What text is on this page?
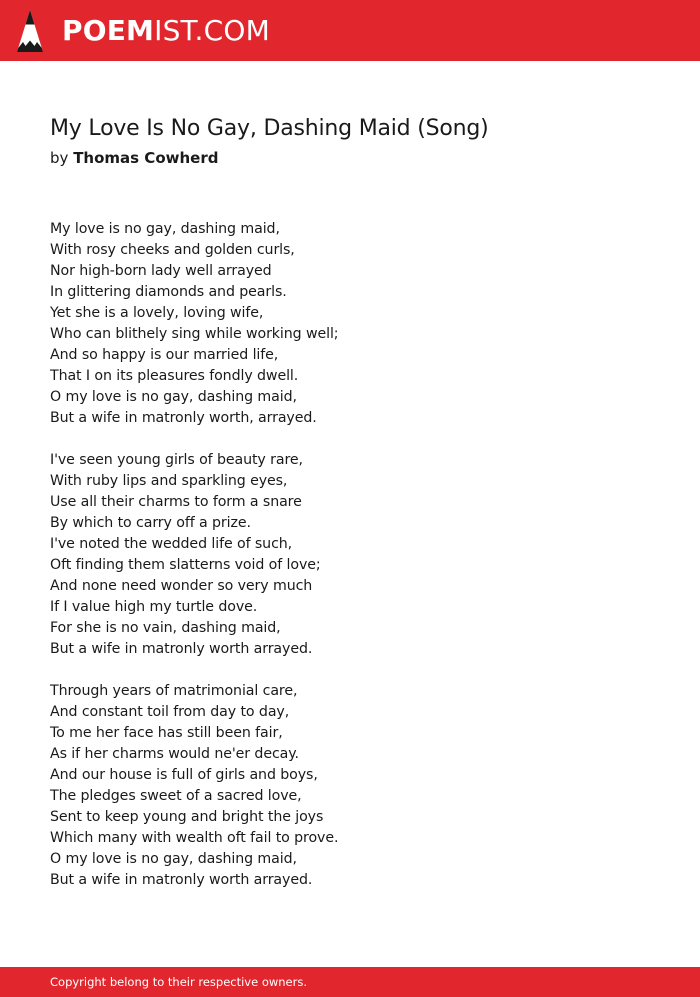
POEMIST.COM
My Love Is No Gay, Dashing Maid (Song)
by Thomas Cowherd
My love is no gay, dashing maid,
With rosy cheeks and golden curls,
Nor high-born lady well arrayed
In glittering diamonds and pearls.
Yet she is a lovely, loving wife,
Who can blithely sing while working well;
And so happy is our married life,
That I on its pleasures fondly dwell.
O my love is no gay, dashing maid,
But a wife in matronly worth, arrayed.
I've seen young girls of beauty rare,
With ruby lips and sparkling eyes,
Use all their charms to form a snare
By which to carry off a prize.
I've noted the wedded life of such,
Oft finding them slatterns void of love;
And none need wonder so very much
If I value high my turtle dove.
For she is no vain, dashing maid,
But a wife in matronly worth arrayed.
Through years of matrimonial care,
And constant toil from day to day,
To me her face has still been fair,
As if her charms would ne'er decay.
And our house is full of girls and boys,
The pledges sweet of a sacred love,
Sent to keep young and bright the joys
Which many with wealth oft fail to prove.
O my love is no gay, dashing maid,
But a wife in matronly worth arrayed.
Copyright belong to their respective owners.
